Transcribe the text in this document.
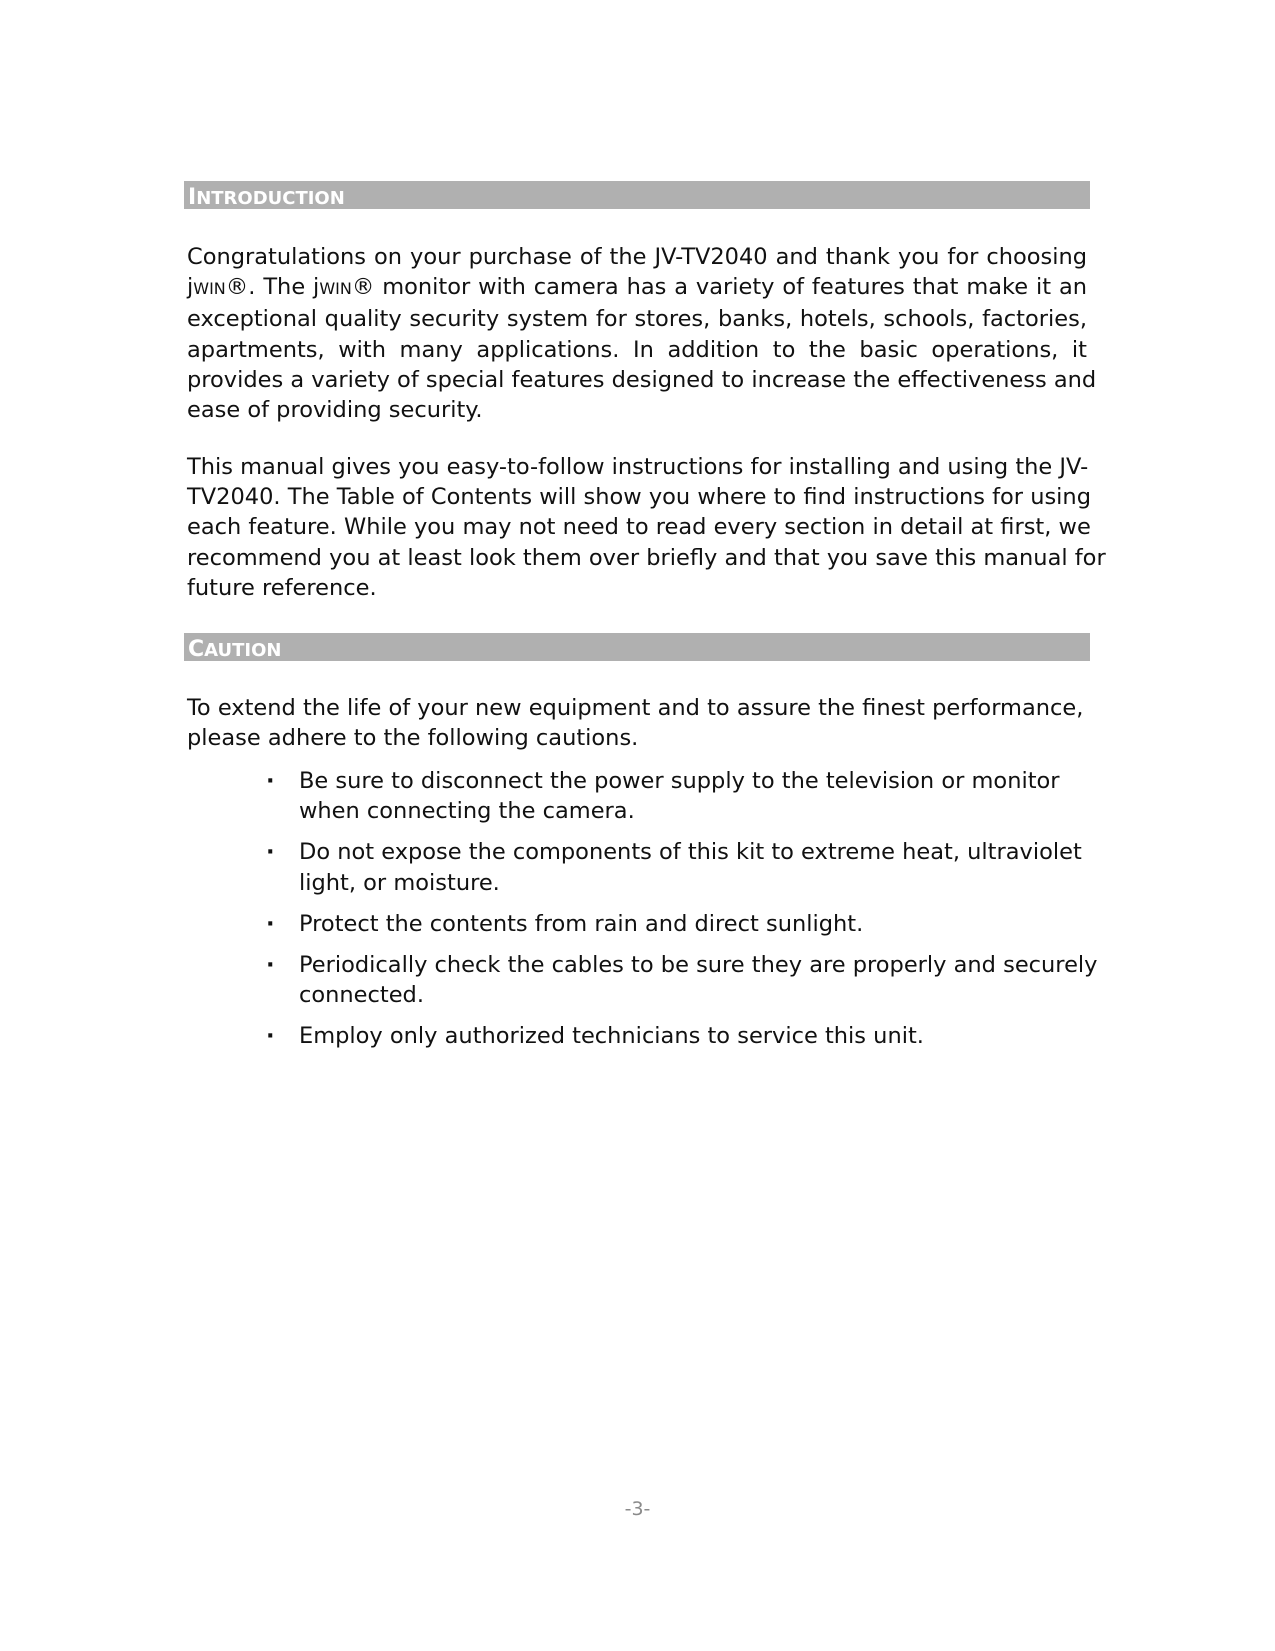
INTRODUCTION
Congratulations on your purchase of the JV-TV2040 and thank you for choosing
jWIN®. The jWIN® monitor with camera has a variety of features that make it an
exceptional quality security system for stores, banks, hotels, schools, factories,
apartments, with many applications. In addition to the basic operations, it
provides a variety of special features designed to increase the effectiveness and
ease of providing security.
This manual gives you easy-to-follow instructions for installing and using the JV-
TV2040. The Table of Contents will show you where to find instructions for using
each feature. While you may not need to read every section in detail at first, we
recommend you at least look them over briefly and that you save this manual for
future reference.
CAUTION
To extend the life of your new equipment and to assure the finest performance,
please adhere to the following cautions.
· Be sure to disconnect the power supply to the television or monitor when connecting the camera.
· Do not expose the components of this kit to extreme heat, ultraviolet light, or moisture.
· Protect the contents from rain and direct sunlight.
· Periodically check the cables to be sure they are properly and securely connected.
· Employ only authorized technicians to service this unit.
-3-
